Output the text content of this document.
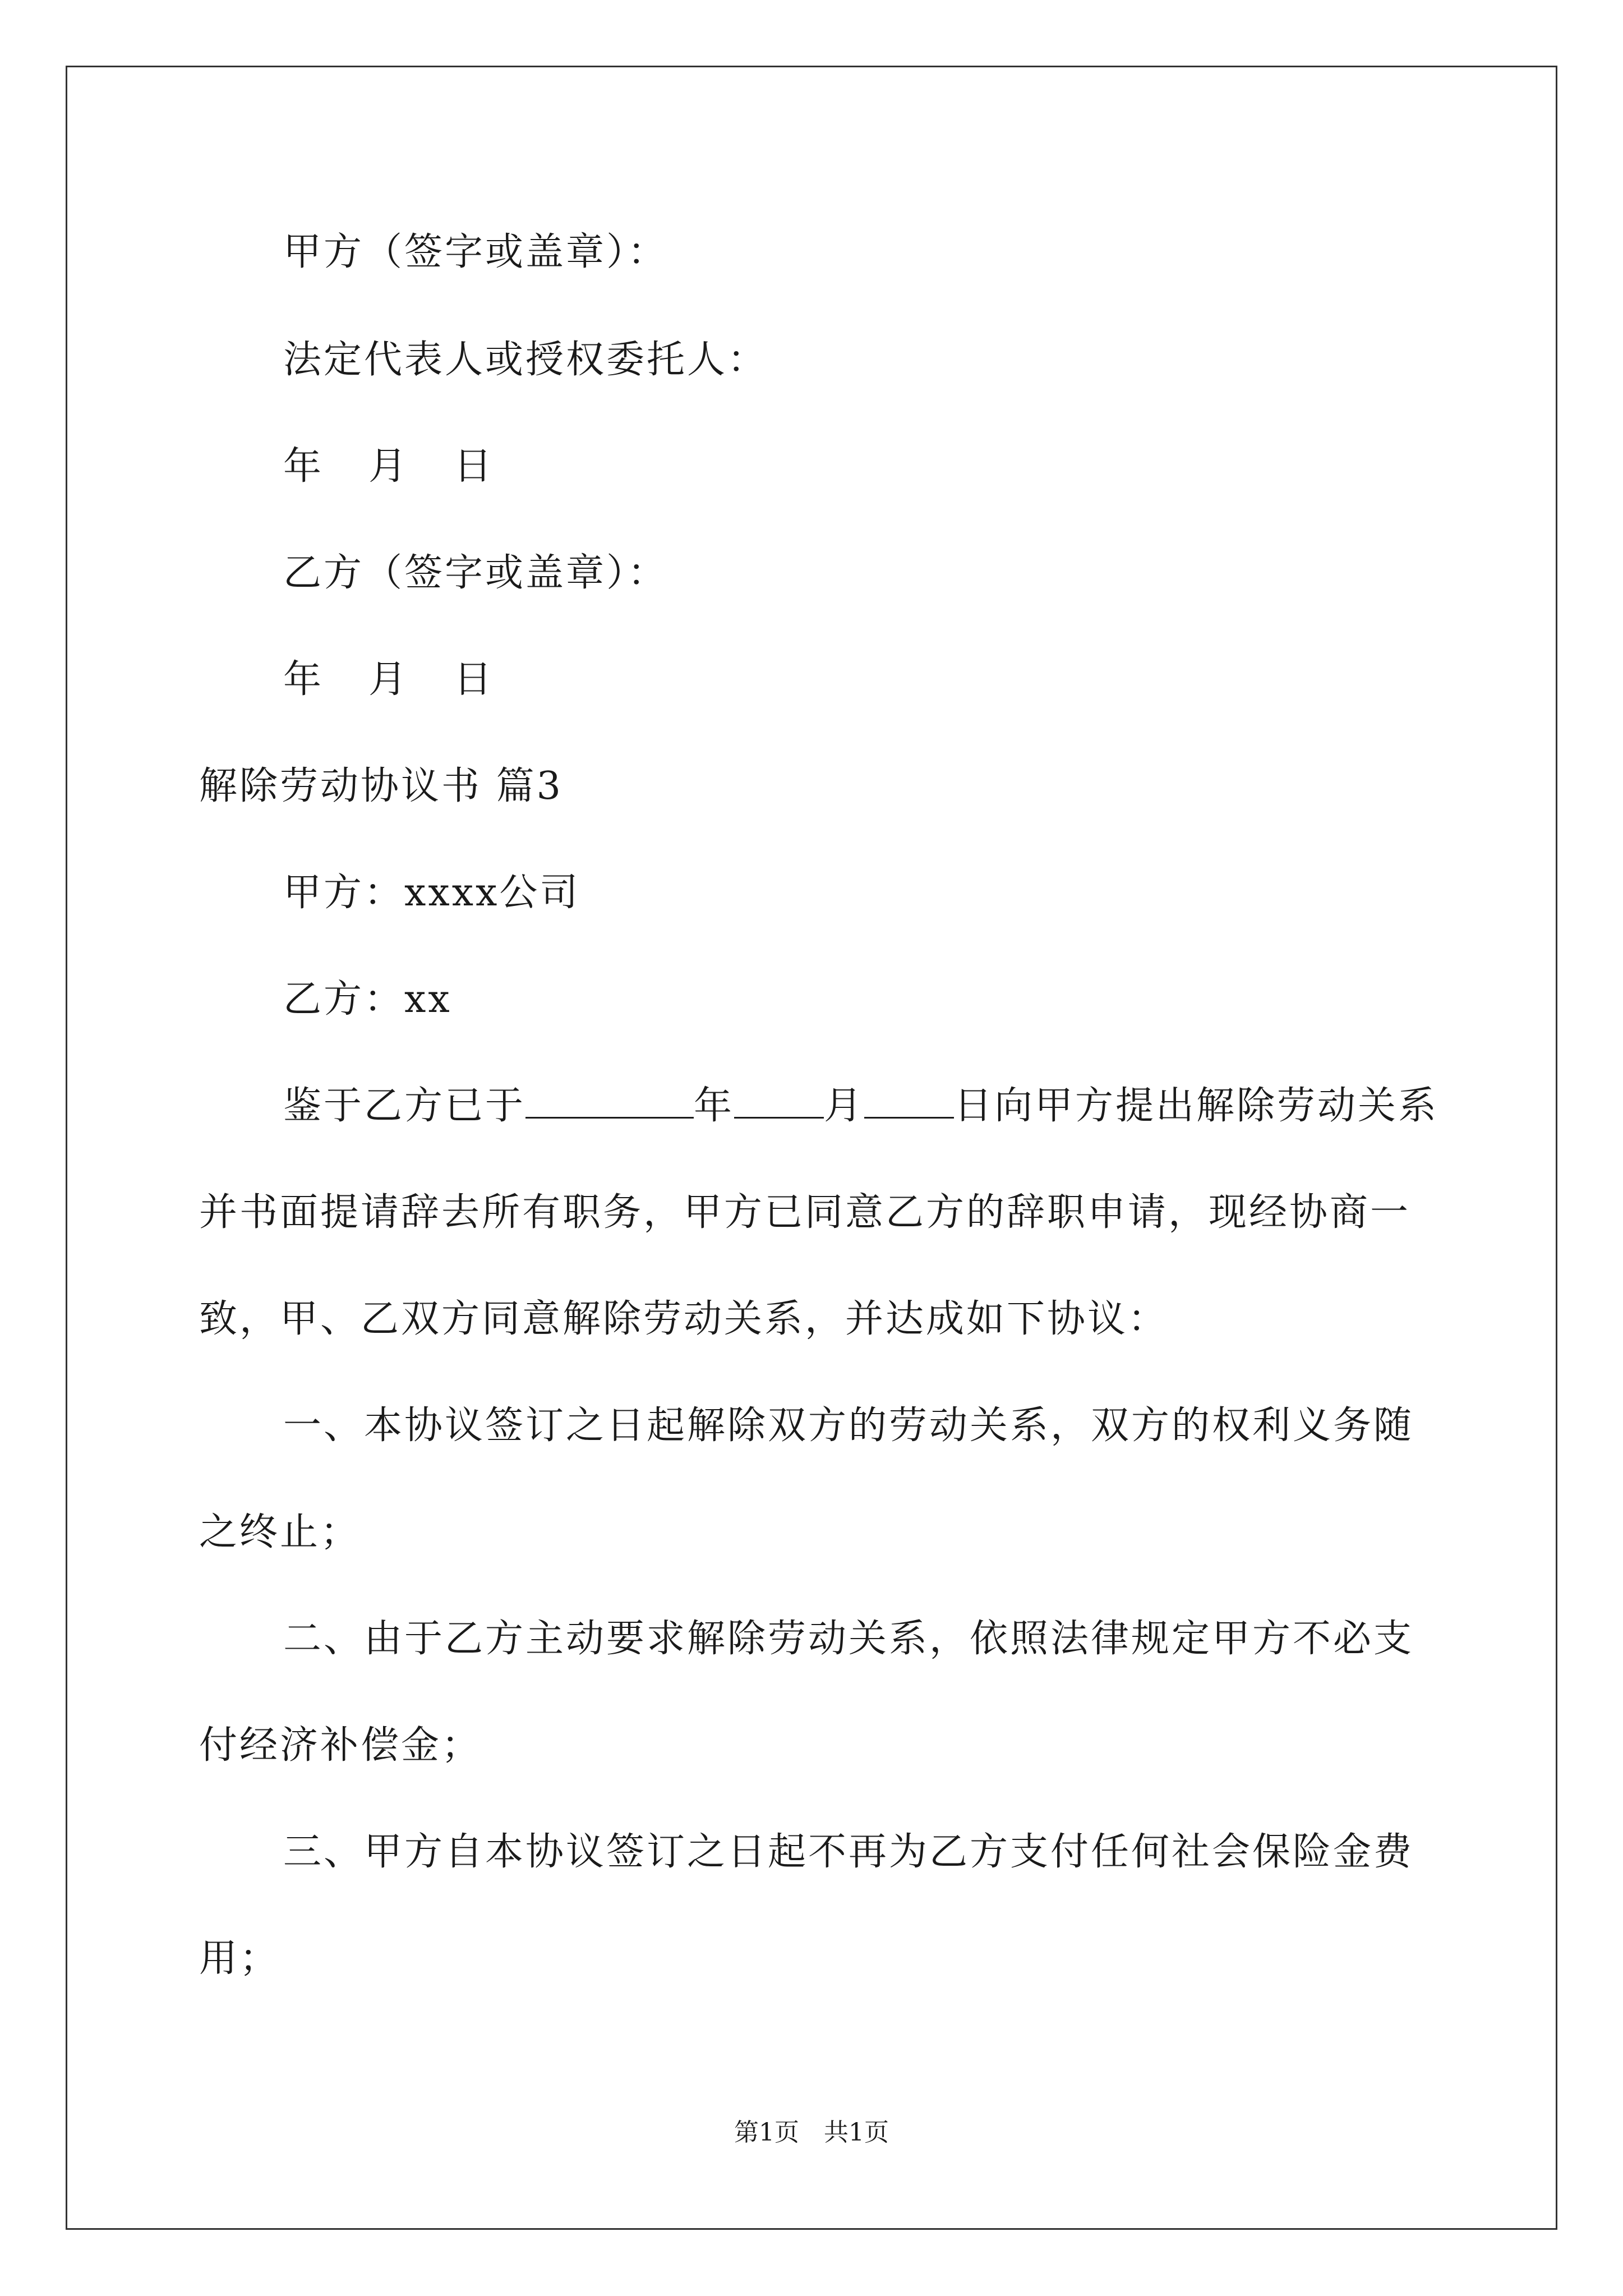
甲方（签字或盖章）：
法定代表人或授权委托人：
年 月 日
乙方（签字或盖章）：
年 月 日
解除劳动协议书 篇3
甲方：xxxx公司
乙方：xx
鉴于乙方已于	年 月 日向甲方提出解除劳动关系
并书面提请辞去所有职务，甲方已同意乙方的辞职申请，现经协商一
致，甲、乙双方同意解除劳动关系，并达成如下协议：
一、本协议签订之日起解除双方的劳动关系，双方的权利义务随
之终止；
二、由于乙方主动要求解除劳动关系，依照法律规定甲方不必支
付经济补偿金；
三、甲方自本协议签订之日起不再为乙方支付任何社会保险金费
用；
第1页　共1页
